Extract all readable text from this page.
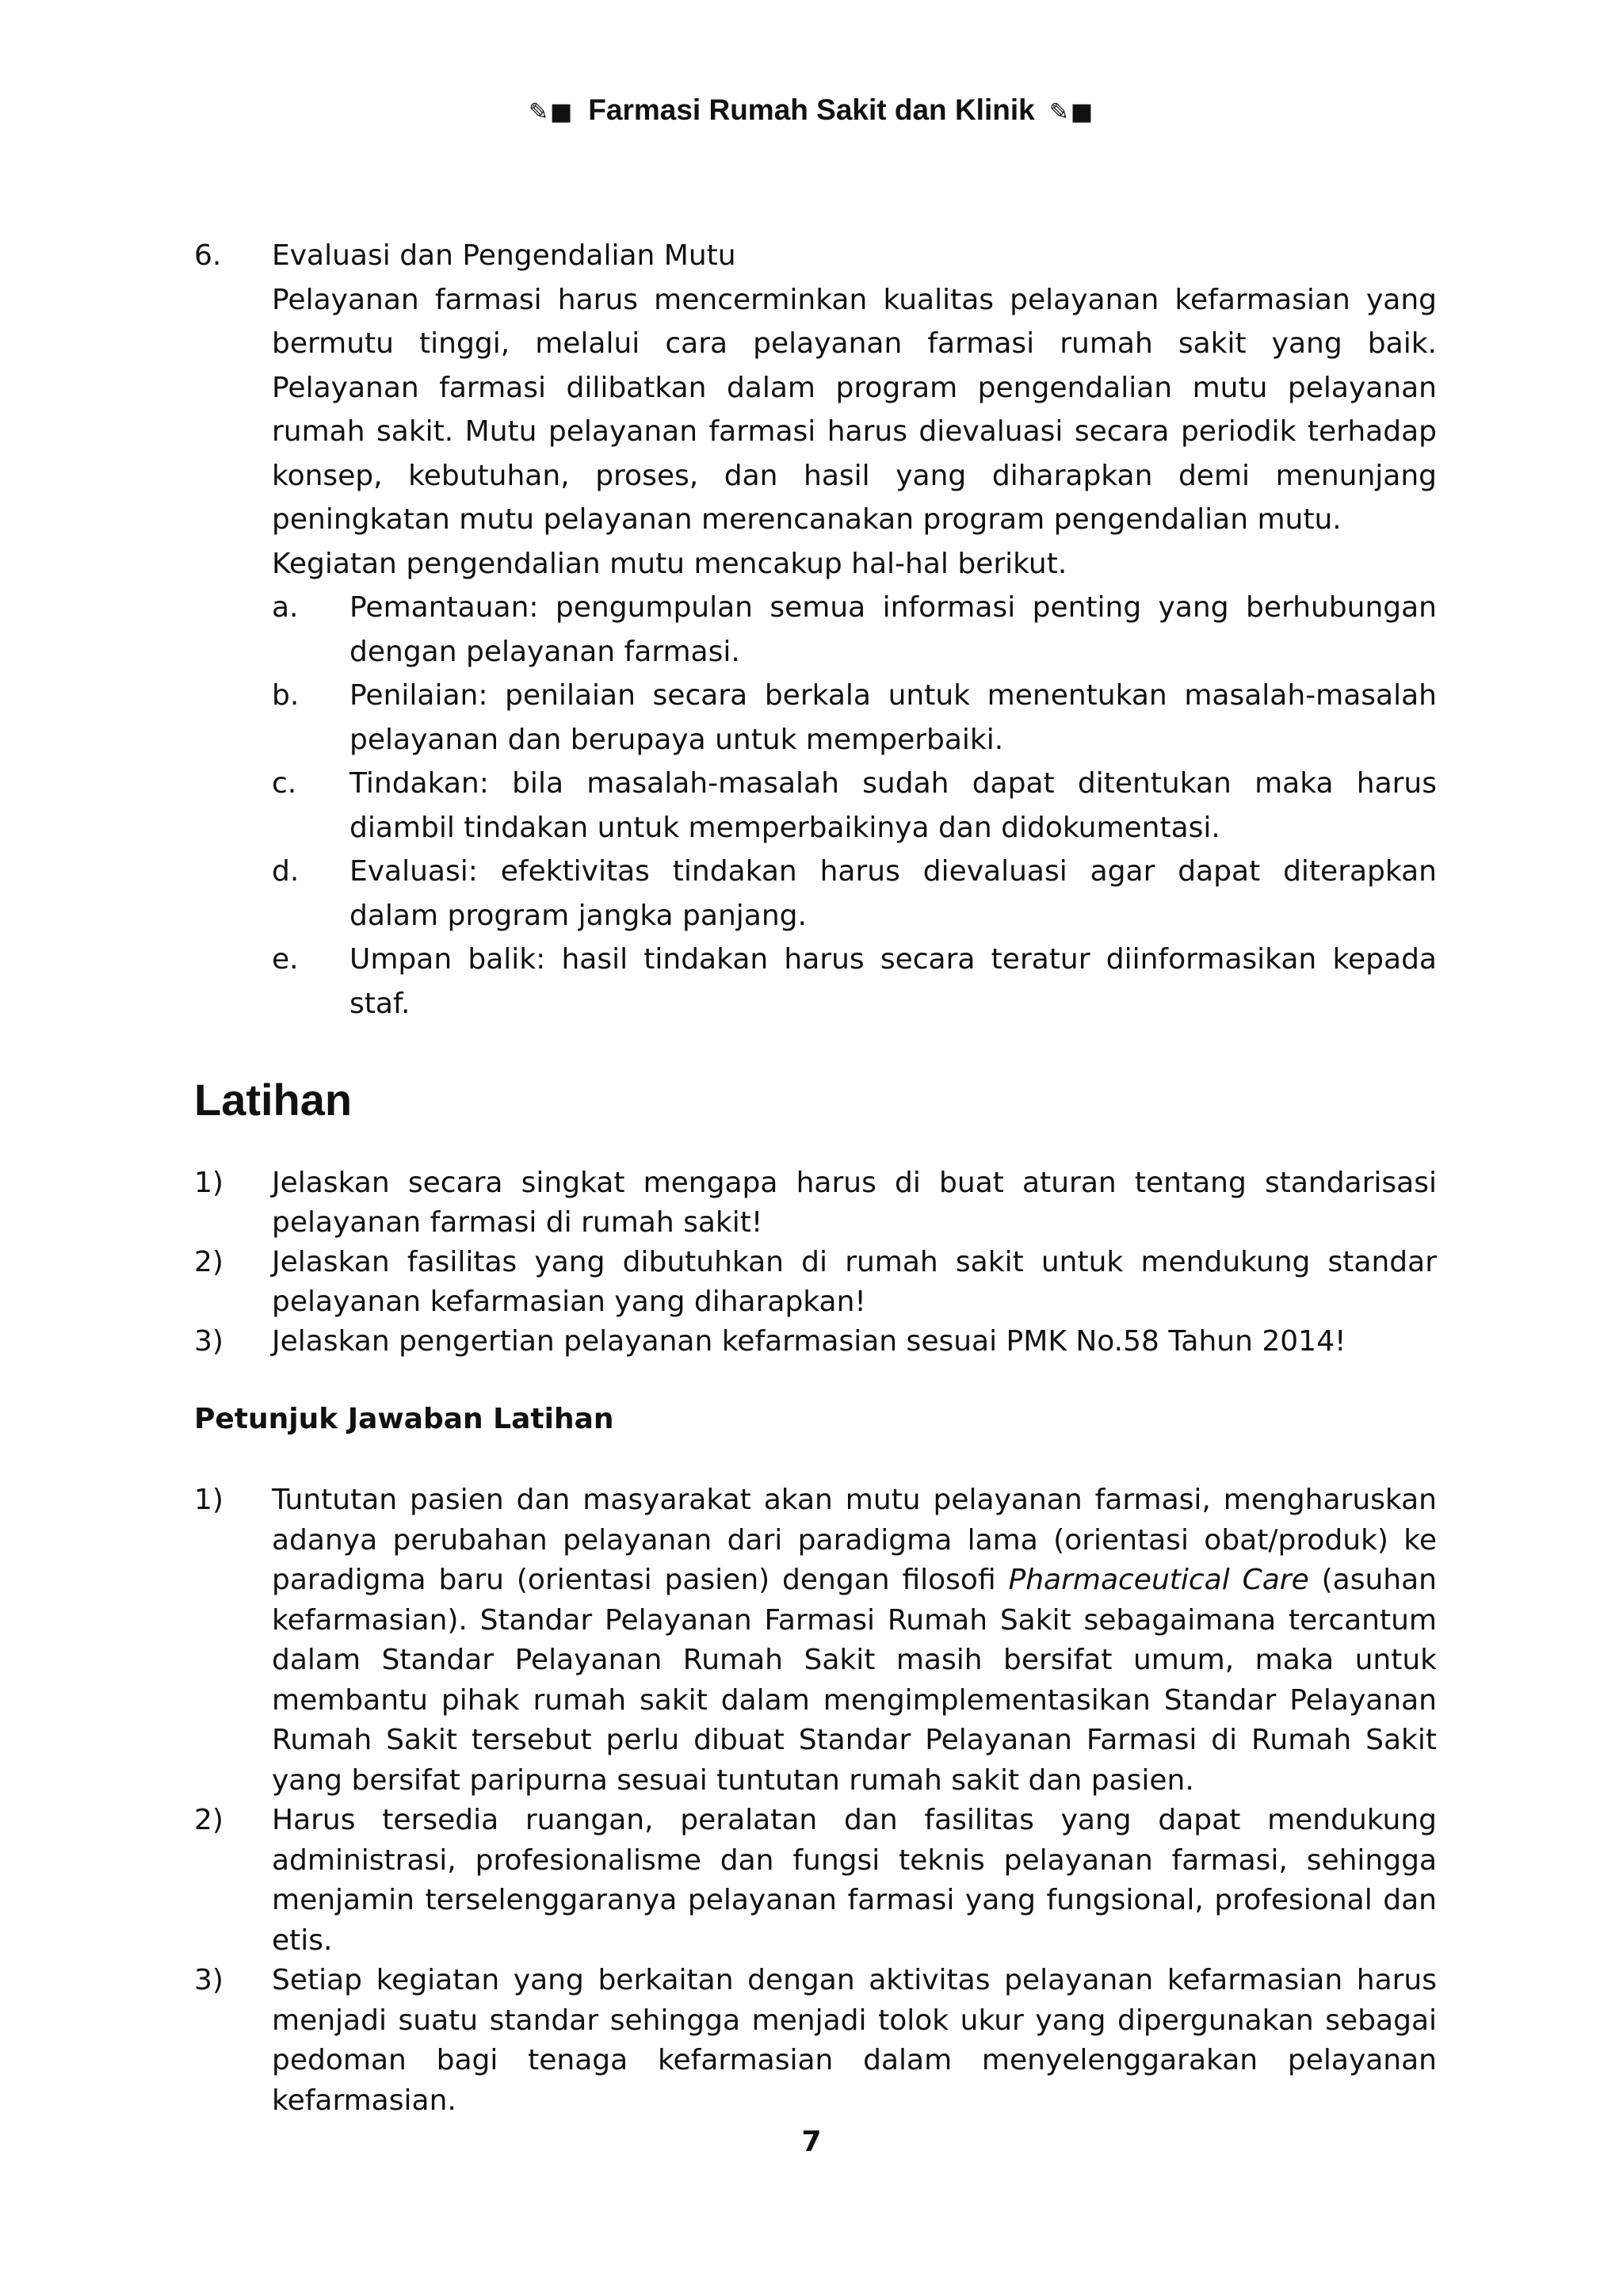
✎■ Farmasi Rumah Sakit dan Klinik ✎■
6.	Evaluasi dan Pengendalian Mutu
Pelayanan farmasi harus mencerminkan kualitas pelayanan kefarmasian yang bermutu tinggi, melalui cara pelayanan farmasi rumah sakit yang baik. Pelayanan farmasi dilibatkan dalam program pengendalian mutu pelayanan rumah sakit. Mutu pelayanan farmasi harus dievaluasi secara periodik terhadap konsep, kebutuhan, proses, dan hasil yang diharapkan demi menunjang peningkatan mutu pelayanan merencanakan program pengendalian mutu.
Kegiatan pengendalian mutu mencakup hal-hal berikut.
a.	Pemantauan: pengumpulan semua informasi penting yang berhubungan dengan pelayanan farmasi.
b.	Penilaian: penilaian secara berkala untuk menentukan masalah-masalah pelayanan dan berupaya untuk memperbaiki.
c.	Tindakan: bila masalah-masalah sudah dapat ditentukan maka harus diambil tindakan untuk memperbaikinya dan didokumentasi.
d.	Evaluasi: efektivitas tindakan harus dievaluasi agar dapat diterapkan dalam program jangka panjang.
e.	Umpan balik: hasil tindakan harus secara teratur diinformasikan kepada staf.
Latihan
1)	Jelaskan secara singkat mengapa harus di buat aturan tentang standarisasi pelayanan farmasi di rumah sakit!
2)	Jelaskan fasilitas yang dibutuhkan di rumah sakit untuk mendukung standar pelayanan kefarmasian yang diharapkan!
3)	Jelaskan pengertian pelayanan kefarmasian sesuai PMK No.58 Tahun 2014!
Petunjuk Jawaban Latihan
1)	Tuntutan pasien dan masyarakat akan mutu pelayanan farmasi, mengharuskan adanya perubahan pelayanan dari paradigma lama (orientasi obat/produk) ke paradigma baru (orientasi pasien) dengan filosofi Pharmaceutical Care (asuhan kefarmasian). Standar Pelayanan Farmasi Rumah Sakit sebagaimana tercantum dalam Standar Pelayanan Rumah Sakit masih bersifat umum, maka untuk membantu pihak rumah sakit dalam mengimplementasikan Standar Pelayanan Rumah Sakit tersebut perlu dibuat Standar Pelayanan Farmasi di Rumah Sakit yang bersifat paripurna sesuai tuntutan rumah sakit dan pasien.
2)	Harus tersedia ruangan, peralatan dan fasilitas yang dapat mendukung administrasi, profesionalisme dan fungsi teknis pelayanan farmasi, sehingga menjamin terselenggaranya pelayanan farmasi yang fungsional, profesional dan etis.
3)	Setiap kegiatan yang berkaitan dengan aktivitas pelayanan kefarmasian harus menjadi suatu standar sehingga menjadi tolok ukur yang dipergunakan sebagai pedoman bagi tenaga kefarmasian dalam menyelenggarakan pelayanan kefarmasian.
7
